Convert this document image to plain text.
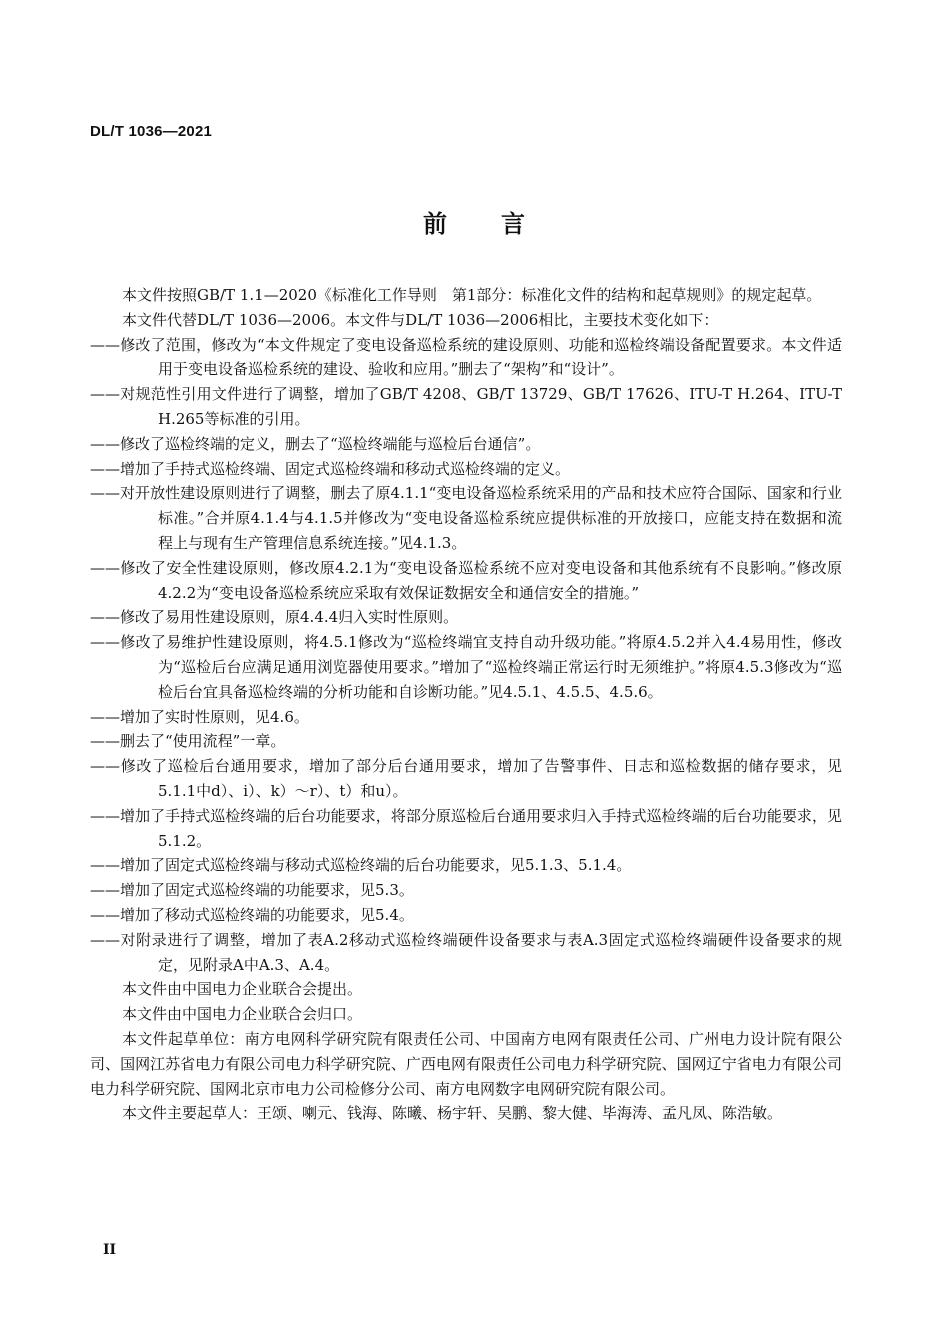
DL/T 1036—2021
前 言

本文件按照GB/T 1.1—2020《标准化工作导则　第1部分：标准化文件的结构和起草规则》的规定起草。

本文件代替DL/T 1036—2006。本文件与DL/T 1036—2006相比，主要技术变化如下：

——修改了范围，修改为“本文件规定了变电设备巡检系统的建设原则、功能和巡检终端设备配置要求。本文件适用于变电设备巡检系统的建设、验收和应用。”删去了“架构”和“设计”。

——对规范性引用文件进行了调整，增加了GB/T 4208、GB/T 13729、GB/T 17626、ITU-T H.264、ITU-T H.265等标准的引用。

——修改了巡检终端的定义，删去了“巡检终端能与巡检后台通信”。

——增加了手持式巡检终端、固定式巡检终端和移动式巡检终端的定义。

——对开放性建设原则进行了调整，删去了原4.1.1“变电设备巡检系统采用的产品和技术应符合国际、国家和行业标准。”合并原4.1.4与4.1.5并修改为“变电设备巡检系统应提供标准的开放接口，应能支持在数据和流程上与现有生产管理信息系统连接。”见4.1.3。

——修改了安全性建设原则，修改原4.2.1为“变电设备巡检系统不应对变电设备和其他系统有不良影响。”修改原4.2.2为“变电设备巡检系统应采取有效保证数据安全和通信安全的措施。”

——修改了易用性建设原则，原4.4.4归入实时性原则。

——修改了易维护性建设原则，将4.5.1修改为“巡检终端宜支持自动升级功能。”将原4.5.2并入4.4易用性，修改为“巡检后台应满足通用浏览器使用要求。”增加了“巡检终端正常运行时无须维护。”将原4.5.3修改为“巡检后台宜具备巡检终端的分析功能和自诊断功能。”见4.5.1、4.5.5、4.5.6。

——增加了实时性原则，见4.6。

——删去了“使用流程”一章。

——修改了巡检后台通用要求，增加了部分后台通用要求，增加了告警事件、日志和巡检数据的储存要求，见5.1.1中d）、i）、k）～r）、t）和u）。

——增加了手持式巡检终端的后台功能要求，将部分原巡检后台通用要求归入手持式巡检终端的后台功能要求，见5.1.2。

——增加了固定式巡检终端与移动式巡检终端的后台功能要求，见5.1.3、5.1.4。

——增加了固定式巡检终端的功能要求，见5.3。

——增加了移动式巡检终端的功能要求，见5.4。

——对附录进行了调整，增加了表A.2移动式巡检终端硬件设备要求与表A.3固定式巡检终端硬件设备要求的规定，见附录A中A.3、A.4。

本文件由中国电力企业联合会提出。

本文件由中国电力企业联合会归口。

本文件起草单位：南方电网科学研究院有限责任公司、中国南方电网有限责任公司、广州电力设计院有限公司、国网江苏省电力有限公司电力科学研究院、广西电网有限责任公司电力科学研究院、国网辽宁省电力有限公司电力科学研究院、国网北京市电力公司检修分公司、南方电网数字电网研究院有限公司。

本文件主要起草人：王颂、喇元、钱海、陈曦、杨宇轩、吴鹏、黎大健、毕海涛、孟凡凤、陈浩敏。

II
